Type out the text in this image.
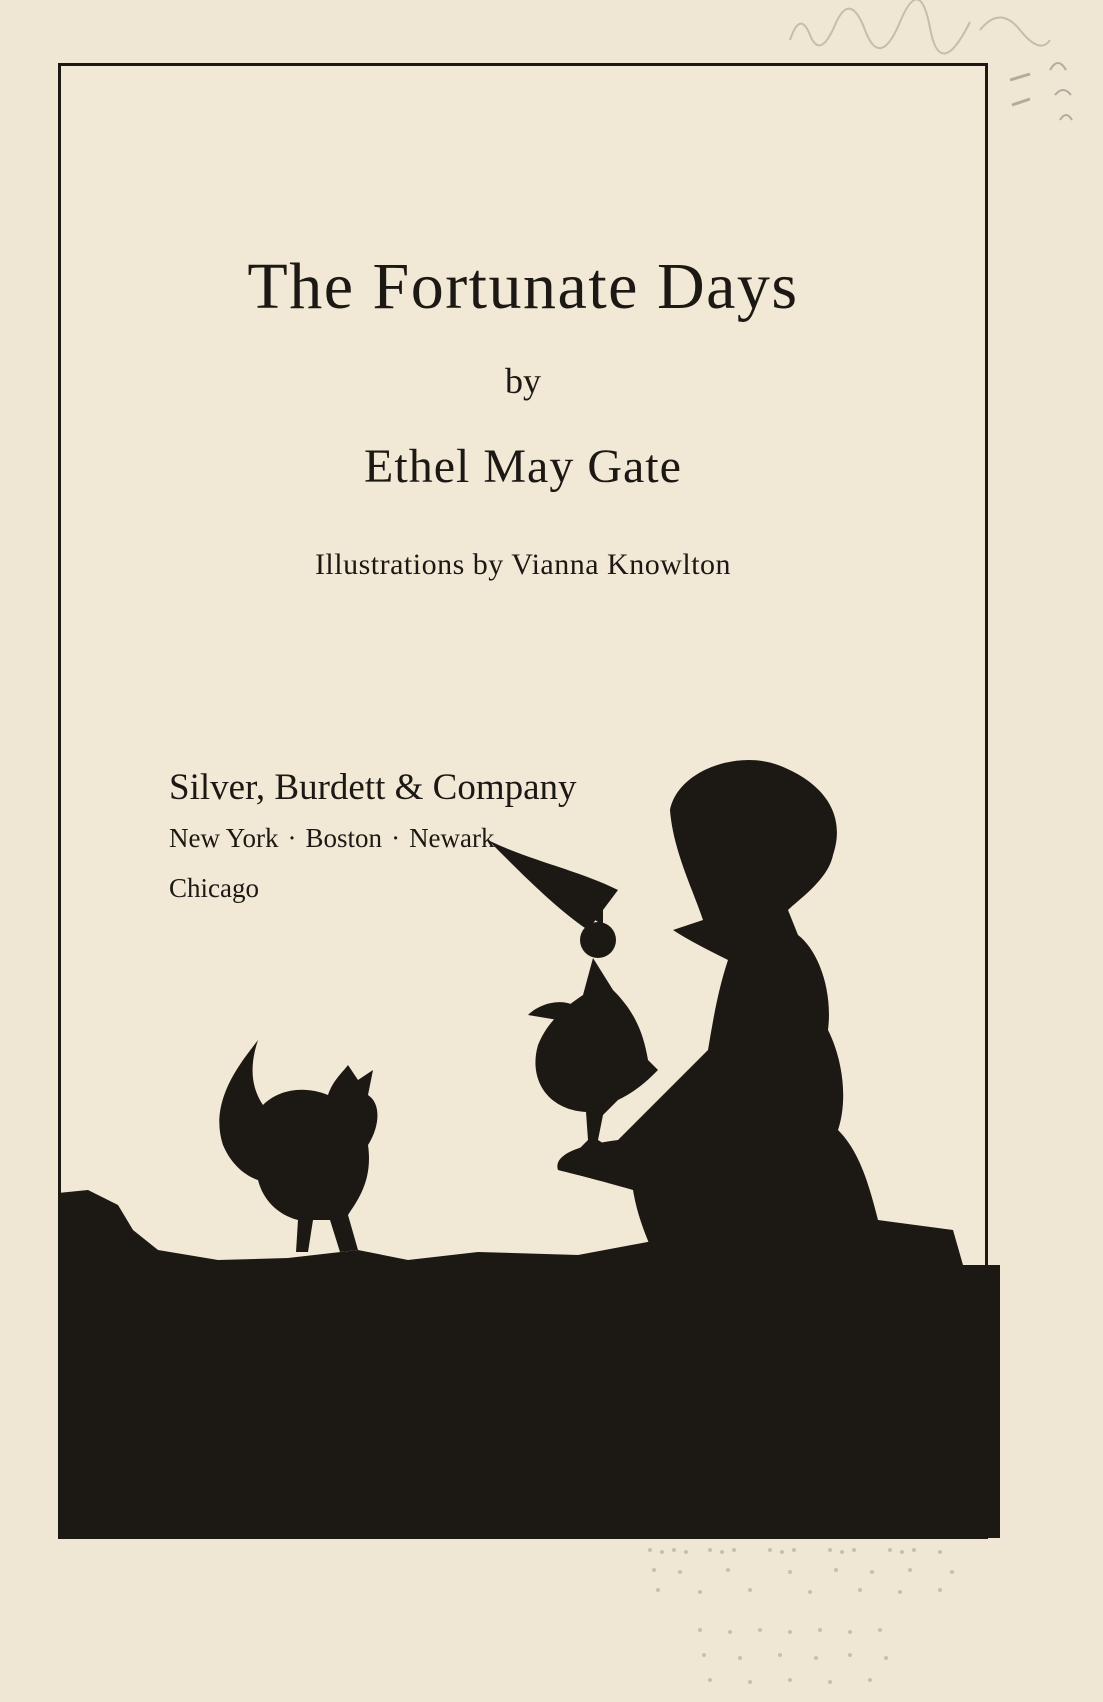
The Fortunate Days
by
Ethel May Gate
Illustrations by Vianna Knowlton
Silver, Burdett & Company
New York · Boston · Newark
Chicago
